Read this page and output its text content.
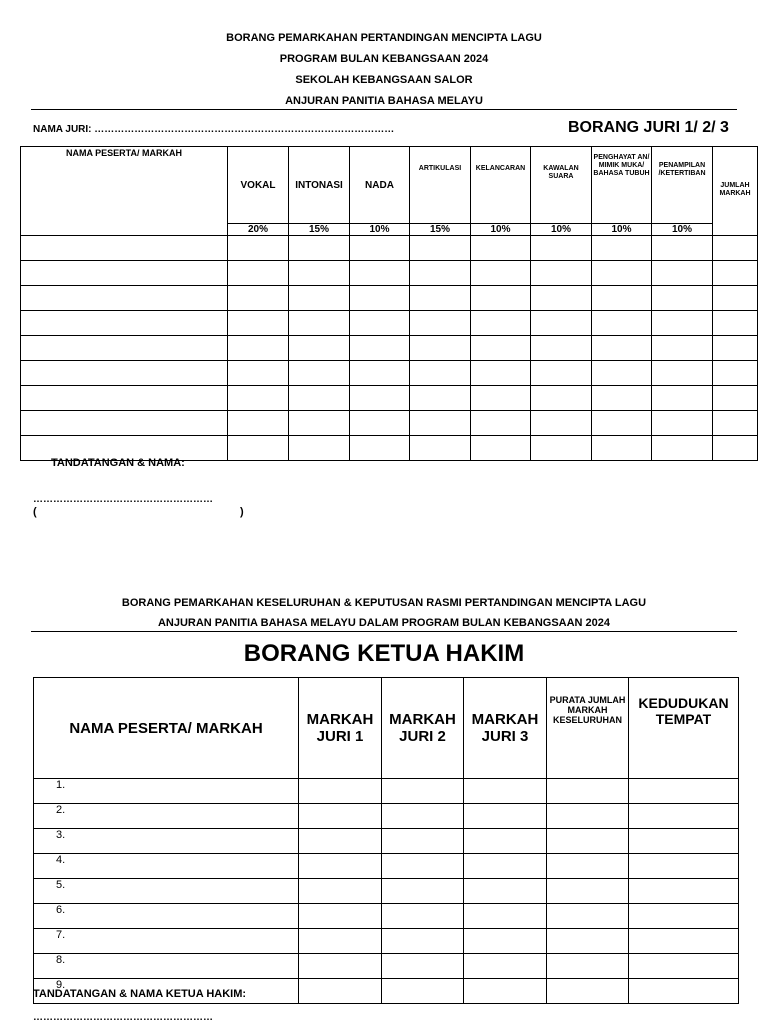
BORANG PEMARKAHAN PERTANDINGAN MENCIPTA LAGU
PROGRAM BULAN KEBANGSAAN 2024
SEKOLAH KEBANGSAAN SALOR
ANJURAN PANITIA BAHASA MELAYU
NAMA JURI: ………………………………………………………………………………	BORANG JURI 1/ 2/ 3
NAMA PESERTA/ MARKAH	VOKAL	INTONASI	NADA	ARTIKULASI	KELANCARAN	KAWALAN SUARA	PENGHAYAT AN/ MIMIK MUKA/ BAHASA TUBUH	PENAMPILAN /KETERTIBAN	JUMLAH MARKAH
	20%	15%	10%	15%	10%	10%	10%	10%	

TANDATANGAN & NAMA:
………………………………………………
(	)
BORANG PEMARKAHAN KESELURUHAN & KEPUTUSAN RASMI PERTANDINGAN MENCIPTA LAGU
ANJURAN PANITIA BAHASA MELAYU DALAM PROGRAM BULAN KEBANGSAAN 2024
BORANG KETUA HAKIM
NAMA PESERTA/ MARKAH	MARKAH JURI 1	MARKAH JURI 2	MARKAH JURI 3	PURATA JUMLAH MARKAH KESELURUHAN	KEDUDUKAN TEMPAT
1.					
2.					
3.					
4.					
5.					
6.					
7.					
8.					
9.					
TANDATANGAN & NAMA KETUA HAKIM:
………………………………………………
